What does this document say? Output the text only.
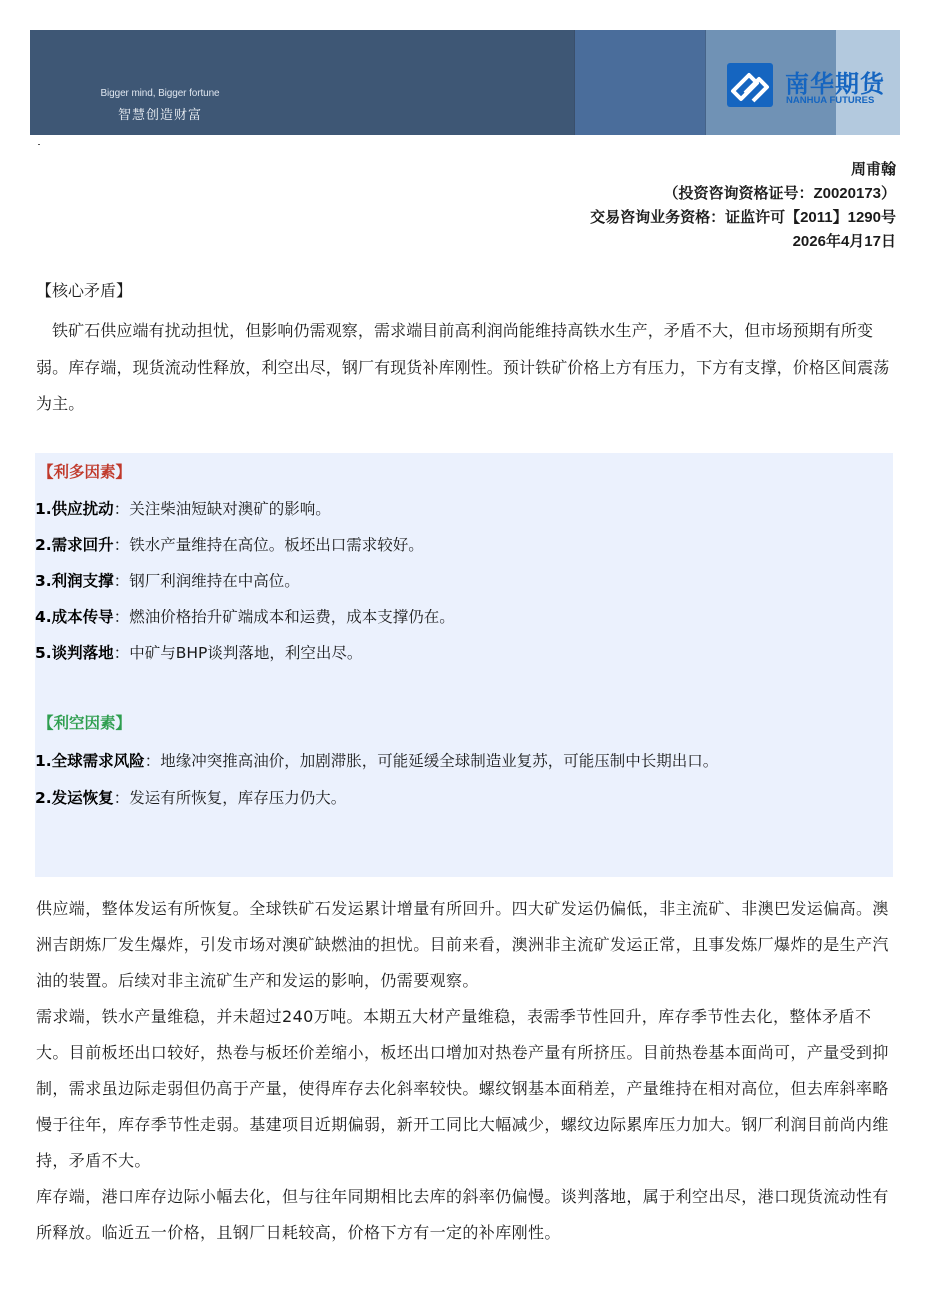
Bigger mind, Bigger fortune
智慧创造财富
南华期货
NANHUA FUTURES
周甫翰
（投资咨询资格证号：Z0020173）
交易咨询业务资格：证监许可【2011】1290号
2026年4月17日
【核心矛盾】
铁矿石供应端有扰动担忧，但影响仍需观察，需求端目前高利润尚能维持高铁水生产，矛盾不大，但市场预期有所变弱。库存端，现货流动性释放，利空出尽，钢厂有现货补库刚性。预计铁矿价格上方有压力，下方有支撑，价格区间震荡为主。
【利多因素】
1.供应扰动：关注柴油短缺对澳矿的影响。
2.需求回升：铁水产量维持在高位。板坯出口需求较好。
3.利润支撑：钢厂利润维持在中高位。
4.成本传导：燃油价格抬升矿端成本和运费，成本支撑仍在。
5.谈判落地：中矿与BHP谈判落地，利空出尽。
【利空因素】
1.全球需求风险：地缘冲突推高油价，加剧滞胀，可能延缓全球制造业复苏，可能压制中长期出口。
2.发运恢复：发运有所恢复，库存压力仍大。

供应端，整体发运有所恢复。全球铁矿石发运累计增量有所回升。四大矿发运仍偏低，非主流矿、非澳巴发运偏高。澳洲吉朗炼厂发生爆炸，引发市场对澳矿缺燃油的担忧。目前来看，澳洲非主流矿发运正常，且事发炼厂爆炸的是生产汽油的装置。后续对非主流矿生产和发运的影响，仍需要观察。

需求端，铁水产量维稳，并未超过240万吨。本期五大材产量维稳，表需季节性回升，库存季节性去化，整体矛盾不大。目前板坯出口较好，热卷与板坯价差缩小，板坯出口增加对热卷产量有所挤压。目前热卷基本面尚可，产量受到抑制，需求虽边际走弱但仍高于产量，使得库存去化斜率较快。螺纹钢基本面稍差，产量维持在相对高位，但去库斜率略慢于往年，库存季节性走弱。基建项目近期偏弱，新开工同比大幅减少，螺纹边际累库压力加大。钢厂利润目前尚内维持，矛盾不大。

库存端，港口库存边际小幅去化，但与往年同期相比去库的斜率仍偏慢。谈判落地，属于利空出尽，港口现货流动性有所释放。临近五一价格，且钢厂日耗较高，价格下方有一定的补库刚性。
